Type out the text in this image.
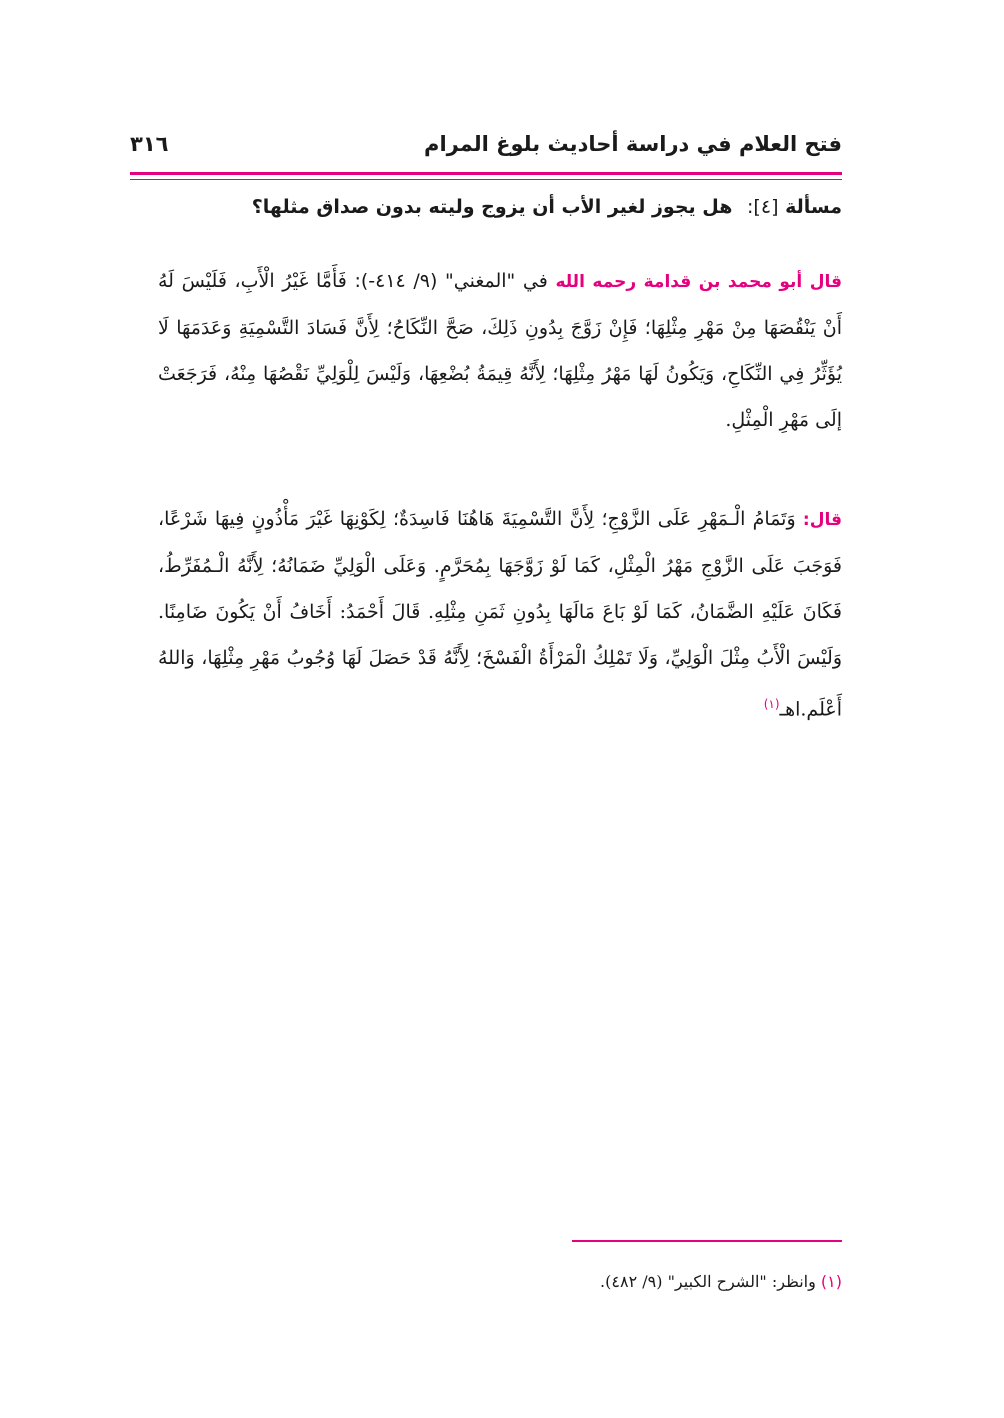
فتح العلام في دراسة أحاديث بلوغ المرام
٣١٦
مسألة [٤]: هل يجوز لغير الأب أن يزوج وليته بدون صداق مثلها؟
قال أبو محمد بن قدامة رحمه الله في "المغني" (٩/ ٤١٤-): فَأَمَّا غَيْرُ الْأَبِ، فَلَيْسَ لَهُ أَنْ يَنْقُصَهَا مِنْ مَهْرِ مِثْلِهَا؛ فَإِنْ زَوَّجَ بِدُونِ ذَلِكَ، صَحَّ النِّكَاحُ؛ لِأَنَّ فَسَادَ التَّسْمِيَةِ وَعَدَمَهَا لَا يُؤَثِّرُ فِي النِّكَاحِ، وَيَكُونُ لَهَا مَهْرُ مِثْلِهَا؛ لِأَنَّهُ قِيمَةُ بُضْعِهَا، وَلَيْسَ لِلْوَلِيِّ نَقْصُهَا مِنْهُ، فَرَجَعَتْ إلَى مَهْرِ الْمِثْلِ.
قال: وَتَمَامُ الْـمَهْرِ عَلَى الزَّوْجِ؛ لِأَنَّ التَّسْمِيَةَ هَاهُنَا فَاسِدَةٌ؛ لِكَوْنِهَا غَيْرَ مَأْذُونٍ فِيهَا شَرْعًا، فَوَجَبَ عَلَى الزَّوْجِ مَهْرُ الْمِثْلِ، كَمَا لَوْ زَوَّجَهَا بِمُحَرَّمٍ. وَعَلَى الْوَلِيِّ ضَمَانُهُ؛ لِأَنَّهُ الْـمُفَرِّطُ، فَكَانَ عَلَيْهِ الضَّمَانُ، كَمَا لَوْ بَاعَ مَالَهَا بِدُونِ ثَمَنِ مِثْلِهِ. قَالَ أَحْمَدُ: أَخَافُ أَنْ يَكُونَ ضَامِنًا. وَلَيْسَ الْأَبُ مِثْلَ الْوَلِيِّ، وَلَا تَمْلِكُ الْمَرْأَةُ الْفَسْخَ؛ لِأَنَّهُ قَدْ حَصَلَ لَهَا وُجُوبُ مَهْرِ مِثْلِهَا، وَاللهُ أَعْلَم.اهـ$^{(١)}$
(١) وانظر: "الشرح الكبير" (٩/ ٤٨٢).
